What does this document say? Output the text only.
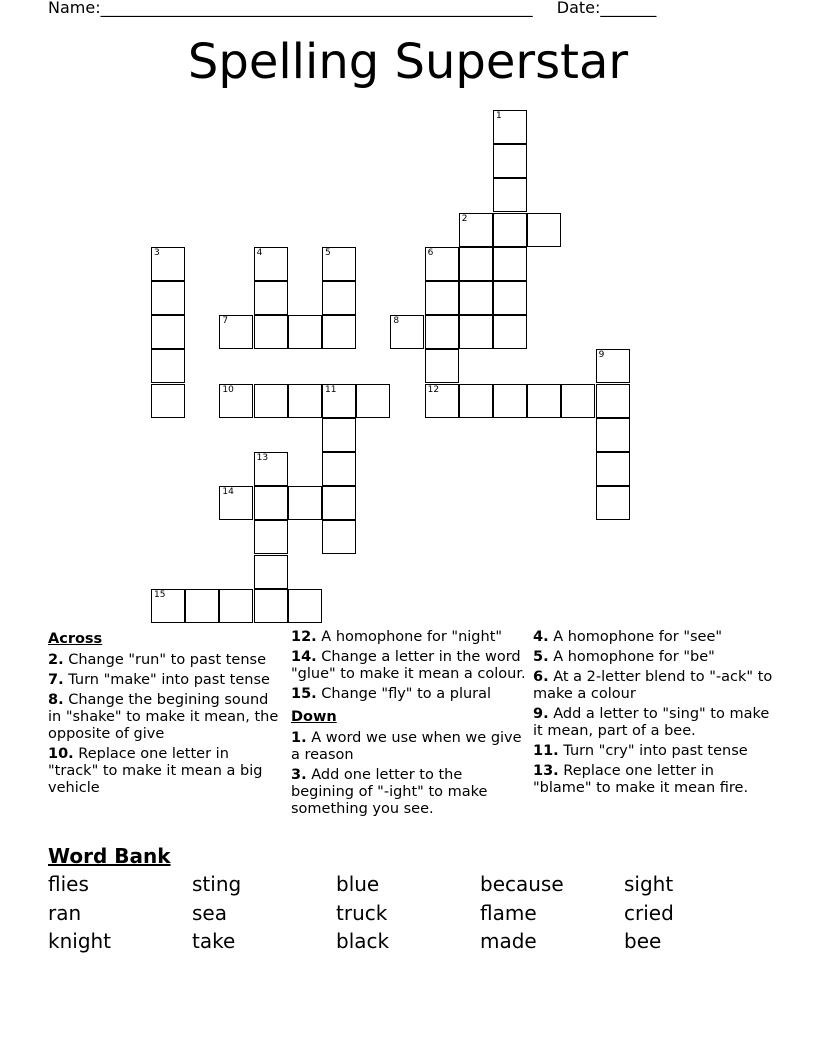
Name:______________________________________________________ Date:_______
Spelling Superstar
1
2
3	4	5	6
12
7	8
9
10	11
13
14
15
Across
2. Change "run" to past tense
7. Turn "make" into past tense
8. Change the begining sound in "shake" to make it mean, the opposite of give
10. Replace one letter in "track" to make it mean a big vehicle
12. A homophone for "night"
14. Change a letter in the word "glue" to make it mean a colour.
15. Change "fly" to a plural
Down
1. A word we use when we give a reason
3. Add one letter to the begining of "-ight" to make something you see.
4. A homophone for "see"
5. A homophone for "be"
6. At a 2-letter blend to "-ack" to make a colour
9. Add a letter to "sing" to make it mean, part of a bee.
11. Turn "cry" into past tense
13. Replace one letter in "blame" to make it mean fire.
Word Bank
flies	sting	blue	because	sight
ran	sea	truck	flame	cried
knight	take	black	made	bee
